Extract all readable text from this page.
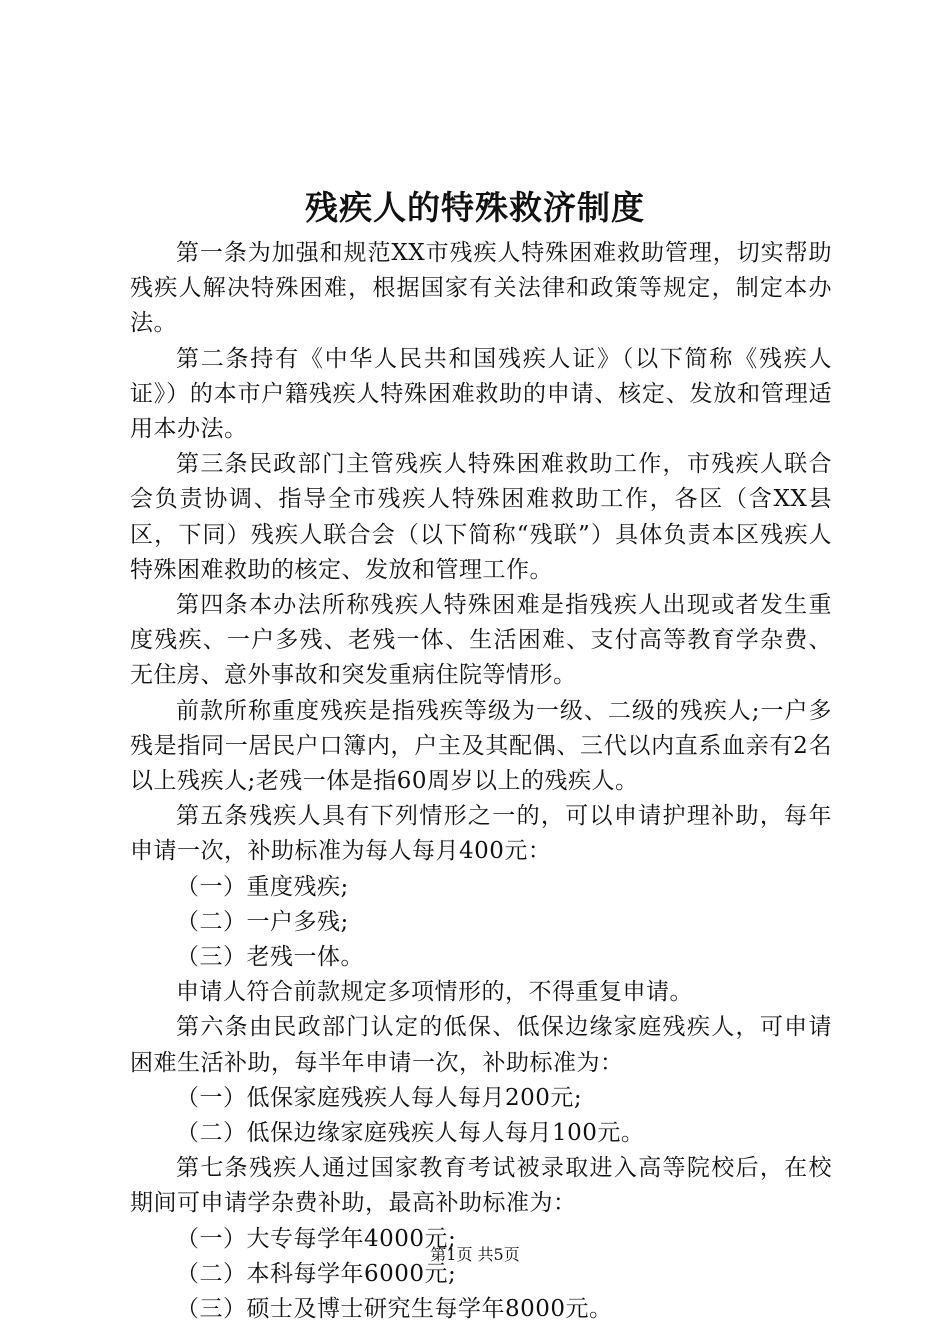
残疾人的特殊救济制度

第一条为加强和规范XX市残疾人特殊困难救助管理，切实帮助残疾人解决特殊困难，根据国家有关法律和政策等规定，制定本办法。

第二条持有《中华人民共和国残疾人证》（以下简称《残疾人证》）的本市户籍残疾人特殊困难救助的申请、核定、发放和管理适用本办法。

第三条民政部门主管残疾人特殊困难救助工作，市残疾人联合会负责协调、指导全市残疾人特殊困难救助工作，各区（含XX县区，下同）残疾人联合会（以下简称“残联”）具体负责本区残疾人特殊困难救助的核定、发放和管理工作。

第四条本办法所称残疾人特殊困难是指残疾人出现或者发生重度残疾、一户多残、老残一体、生活困难、支付高等教育学杂费、无住房、意外事故和突发重病住院等情形。

前款所称重度残疾是指残疾等级为一级、二级的残疾人;一户多残是指同一居民户口簿内，户主及其配偶、三代以内直系血亲有2名以上残疾人;老残一体是指60周岁以上的残疾人。

第五条残疾人具有下列情形之一的，可以申请护理补助，每年申请一次，补助标准为每人每月400元：

（一）重度残疾;

（二）一户多残;

（三）老残一体。

申请人符合前款规定多项情形的，不得重复申请。

第六条由民政部门认定的低保、低保边缘家庭残疾人，可申请困难生活补助，每半年申请一次，补助标准为：

（一）低保家庭残疾人每人每月200元;

（二）低保边缘家庭残疾人每人每月100元。

第七条残疾人通过国家教育考试被录取进入高等院校后，在校期间可申请学杂费补助，最高补助标准为：

（一）大专每学年4000元;

（二）本科每学年6000元;

（三）硕士及博士研究生每学年8000元。

第1页 共5页
